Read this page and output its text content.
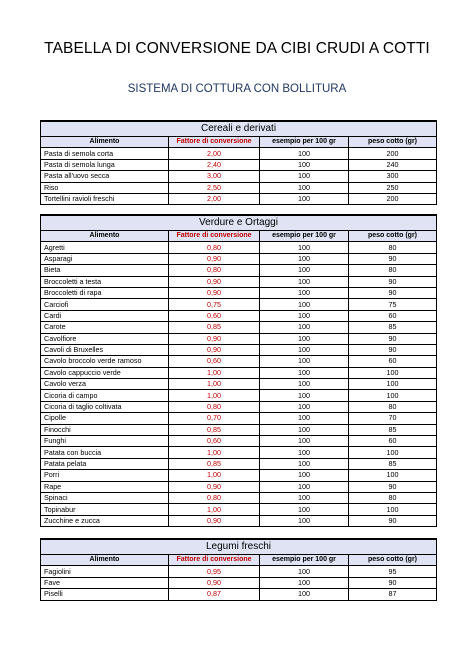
TABELLA DI CONVERSIONE DA CIBI CRUDI A COTTI
SISTEMA DI COTTURA CON BOLLITURA
Cereali e derivati			
Alimento	Fattore di conversione	esempio per 100 gr	peso cotto (gr)
Pasta di semola corta	2,00	100	200
Pasta di semola lunga	2,40	100	240
Pasta all'uovo secca	3,00	100	300
Riso	2,50	100	250
Tortellini ravioli freschi	2,00	100	200
Verdure e Ortaggi			
Alimento	Fattore di conversione	esempio per 100 gr	peso cotto (gr)
Agretti	0,80	100	80
Asparagi	0,90	100	90
Bieta	0,80	100	80
Broccoletti a testa	0,90	100	90
Broccoletti di rapa	0,90	100	90
Carciofi	0,75	100	75
Cardi	0,60	100	60
Carote	0,85	100	85
Cavolfiore	0,90	100	90
Cavoli di Bruxelles	0,90	100	90
Cavolo broccolo verde ramoso	0,60	100	60
Cavolo cappuccio verde	1,00	100	100
Cavolo verza	1,00	100	100
Cicoria di campo	1,00	100	100
Cicoria di taglio coltivata	0,80	100	80
Cipolle	0,70	100	70
Finocchi	0,85	100	85
Funghi	0,60	100	60
Patata con buccia	1,00	100	100
Patata pelata	0,85	100	85
Porri	1,00	100	100
Rape	0,90	100	90
Spinaci	0,80	100	80
Topinabur	1,00	100	100
Zucchine e zucca	0,90	100	90
Legumi freschi			
Alimento	Fattore di conversione	esempio per 100 gr	peso cotto (gr)
Fagiolini	0,95	100	95
Fave	0,90	100	90
Piselli	0,87	100	87
